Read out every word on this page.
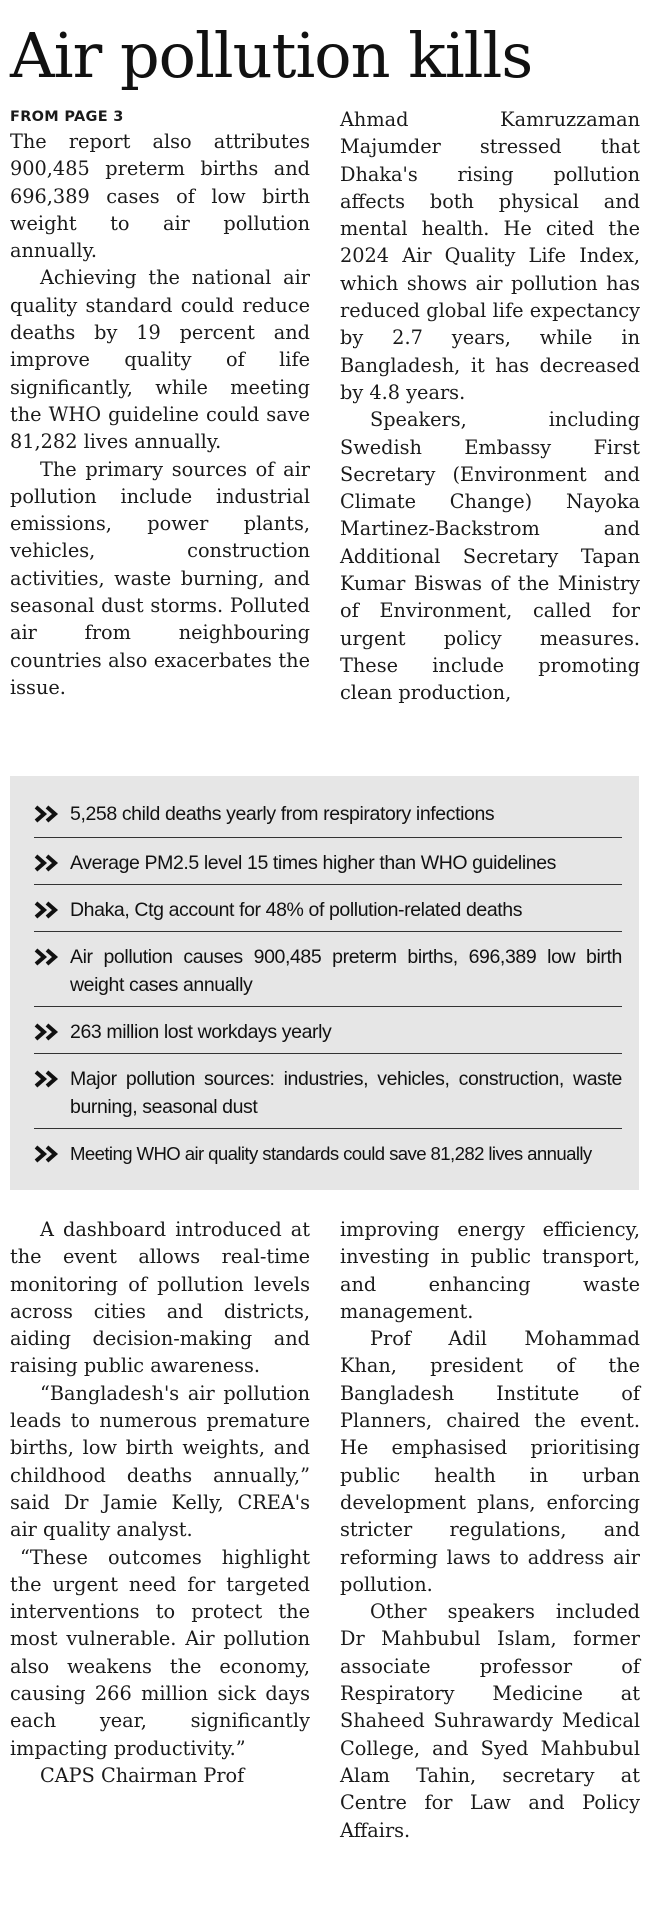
Air pollution kills
FROM PAGE 3

The report also attributes 900,485 preterm births and 696,389 cases of low birth weight to air pollution annually.

Achieving the national air quality standard could reduce deaths by 19 percent and improve quality of life significantly, while meeting the WHO guideline could save 81,282 lives annually.

The primary sources of air pollution include industrial emissions, power plants, vehicles, construction activities, waste burning, and seasonal dust storms. Polluted air from neighbouring countries also exacerbates the issue.

Ahmad Kamruzzaman Majumder stressed that Dhaka's rising pollution affects both physical and mental health. He cited the 2024 Air Quality Life Index, which shows air pollution has reduced global life expectancy by 2.7 years, while in Bangladesh, it has decreased by 4.8 years.

Speakers, including Swedish Embassy First Secretary (Environment and Climate Change) Nayoka Martinez-Backstrom and Additional Secretary Tapan Kumar Biswas of the Ministry of Environment, called for urgent policy measures. These include promoting clean production,

5,258 child deaths yearly from respiratory infections
Average PM2.5 level 15 times higher than WHO guidelines
Dhaka, Ctg account for 48% of pollution-related deaths
Air pollution causes 900,485 preterm births, 696,389 low birth weight cases annually
263 million lost workdays yearly
Major pollution sources: industries, vehicles, construction, waste burning, seasonal dust
Meeting WHO air quality standards could save 81,282 lives annually

A dashboard introduced at the event allows real-time monitoring of pollution levels across cities and districts, aiding decision-making and raising public awareness.

“Bangladesh's air pollution leads to numerous premature births, low birth weights, and childhood deaths annually,” said Dr Jamie Kelly, CREA's air quality analyst.

“These outcomes highlight the urgent need for targeted interventions to protect the most vulnerable. Air pollution also weakens the economy, causing 266 million sick days each year, significantly impacting productivity.”

CAPS Chairman Prof

improving energy efficiency, investing in public transport, and enhancing waste management.

Prof Adil Mohammad Khan, president of the Bangladesh Institute of Planners, chaired the event. He emphasised prioritising public health in urban development plans, enforcing stricter regulations, and reforming laws to address air pollution.

Other speakers included Dr Mahbubul Islam, former associate professor of Respiratory Medicine at Shaheed Suhrawardy Medical College, and Syed Mahbubul Alam Tahin, secretary at Centre for Law and Policy Affairs.
